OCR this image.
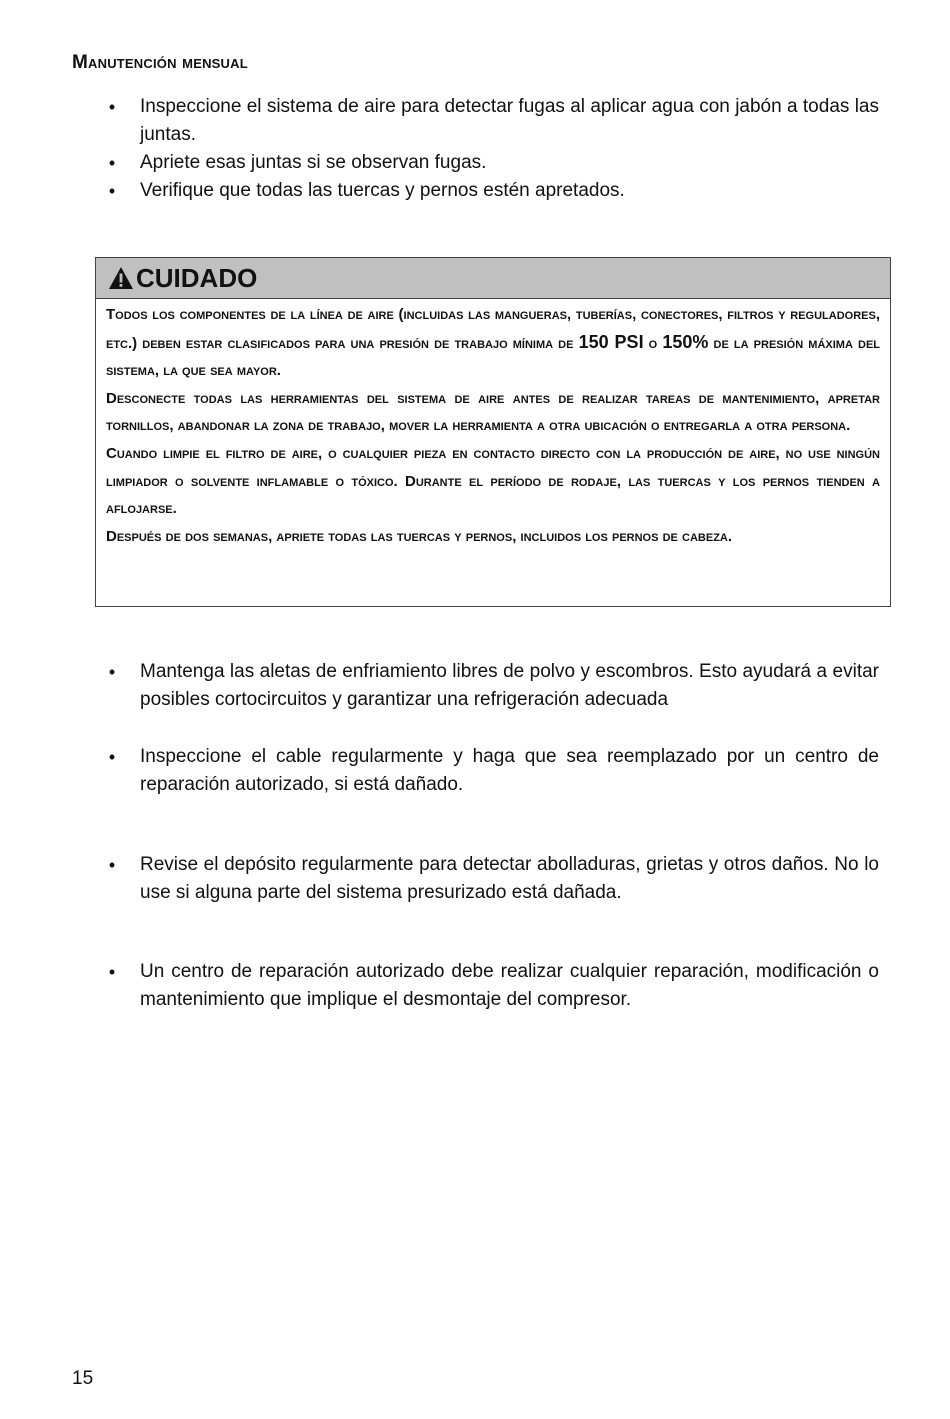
Manutención mensual
• Inspeccione el sistema de aire para detectar fugas al aplicar agua con jabón a todas las juntas.
• Apriete esas juntas si se observan fugas.
• Verifique que todas las tuercas y pernos estén apretados.
CUIDADO

Todos los componentes de la línea de aire (incluidas las mangueras, tuberías, conectores, filtros y reguladores, etc.) deben estar clasificados para una presión de trabajo mínima de 150 PSI o 150% de la presión máxima del sistema, la que sea mayor.

Desconecte todas las herramientas del sistema de aire antes de realizar tareas de mantenimiento, apretar tornillos, abandonar la zona de trabajo, mover la herramienta a otra ubicación o entregarla a otra persona.

Cuando limpie el filtro de aire, o cualquier pieza en contacto directo con la producción de aire, no use ningún limpiador o solvente inflamable o tóxico. Durante el período de rodaje, las tuercas y los pernos tienden a aflojarse.

Después de dos semanas, apriete todas las tuercas y pernos, incluidos los pernos de cabeza.

• Mantenga las aletas de enfriamiento libres de polvo y escombros. Esto ayudará a evitar posibles cortocircuitos y garantizar una refrigeración adecuada
• Inspeccione el cable regularmente y haga que sea reemplazado por un centro de reparación autorizado, si está dañado.
• Revise el depósito regularmente para detectar abolladuras, grietas y otros daños. No lo use si alguna parte del sistema presurizado está dañada.
• Un centro de reparación autorizado debe realizar cualquier reparación, modificación o mantenimiento que implique el desmontaje del compresor.
15
